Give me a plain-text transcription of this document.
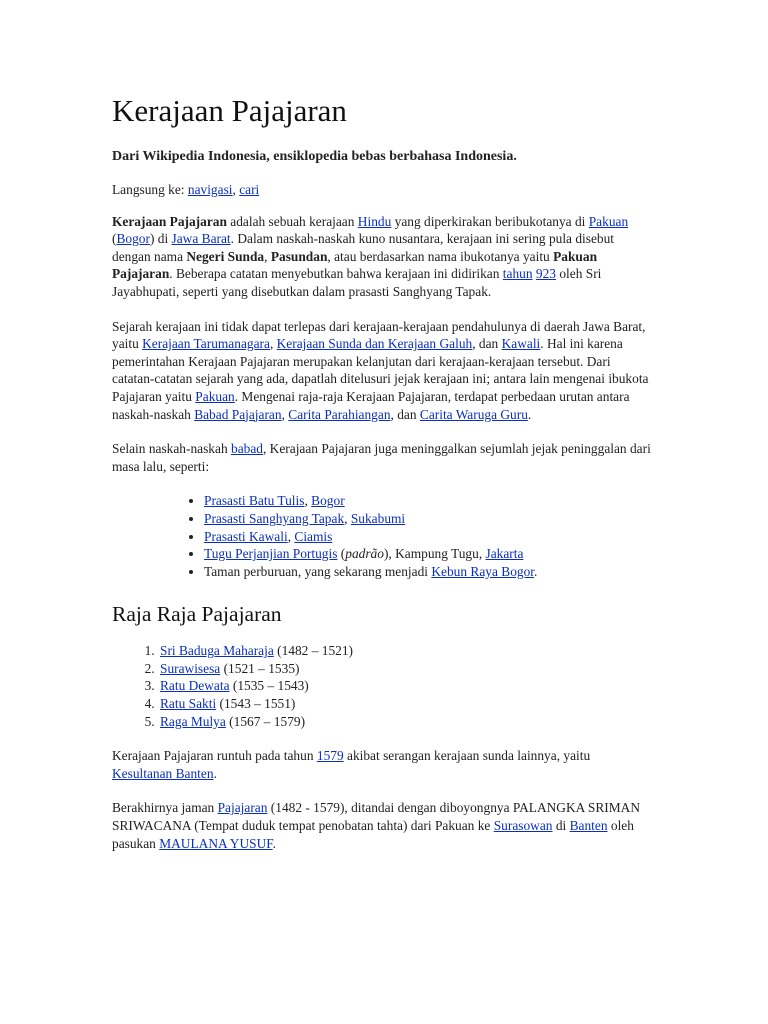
Kerajaan Pajajaran

Dari Wikipedia Indonesia, ensiklopedia bebas berbahasa Indonesia.

Langsung ke: navigasi, cari

Kerajaan Pajajaran adalah sebuah kerajaan Hindu yang diperkirakan beribukotanya di Pakuan (Bogor) di Jawa Barat. Dalam naskah-naskah kuno nusantara, kerajaan ini sering pula disebut dengan nama Negeri Sunda, Pasundan, atau berdasarkan nama ibukotanya yaitu Pakuan Pajajaran. Beberapa catatan menyebutkan bahwa kerajaan ini didirikan tahun 923 oleh Sri Jayabhupati, seperti yang disebutkan dalam prasasti Sanghyang Tapak.

Sejarah kerajaan ini tidak dapat terlepas dari kerajaan-kerajaan pendahulunya di daerah Jawa Barat, yaitu Kerajaan Tarumanagara, Kerajaan Sunda dan Kerajaan Galuh, dan Kawali. Hal ini karena pemerintahan Kerajaan Pajajaran merupakan kelanjutan dari kerajaan-kerajaan tersebut. Dari catatan-catatan sejarah yang ada, dapatlah ditelusuri jejak kerajaan ini; antara lain mengenai ibukota Pajajaran yaitu Pakuan. Mengenai raja-raja Kerajaan Pajajaran, terdapat perbedaan urutan antara naskah-naskah Babad Pajajaran, Carita Parahiangan, dan Carita Waruga Guru.

Selain naskah-naskah babad, Kerajaan Pajajaran juga meninggalkan sejumlah jejak peninggalan dari masa lalu, seperti:

• Prasasti Batu Tulis, Bogor
• Prasasti Sanghyang Tapak, Sukabumi
• Prasasti Kawali, Ciamis
• Tugu Perjanjian Portugis (padrão), Kampung Tugu, Jakarta
• Taman perburuan, yang sekarang menjadi Kebun Raya Bogor.
Raja Raja Pajajaran
1. Sri Baduga Maharaja (1482 – 1521)
2. Surawisesa (1521 – 1535)
3. Ratu Dewata (1535 – 1543)
4. Ratu Sakti (1543 – 1551)
5. Raga Mulya (1567 – 1579)

Kerajaan Pajajaran runtuh pada tahun 1579 akibat serangan kerajaan sunda lainnya, yaitu Kesultanan Banten.

Berakhirnya jaman Pajajaran (1482 - 1579), ditandai dengan diboyongnya PALANGKA SRIMAN SRIWACANA (Tempat duduk tempat penobatan tahta) dari Pakuan ke Surasowan di Banten oleh pasukan MAULANA YUSUF.
